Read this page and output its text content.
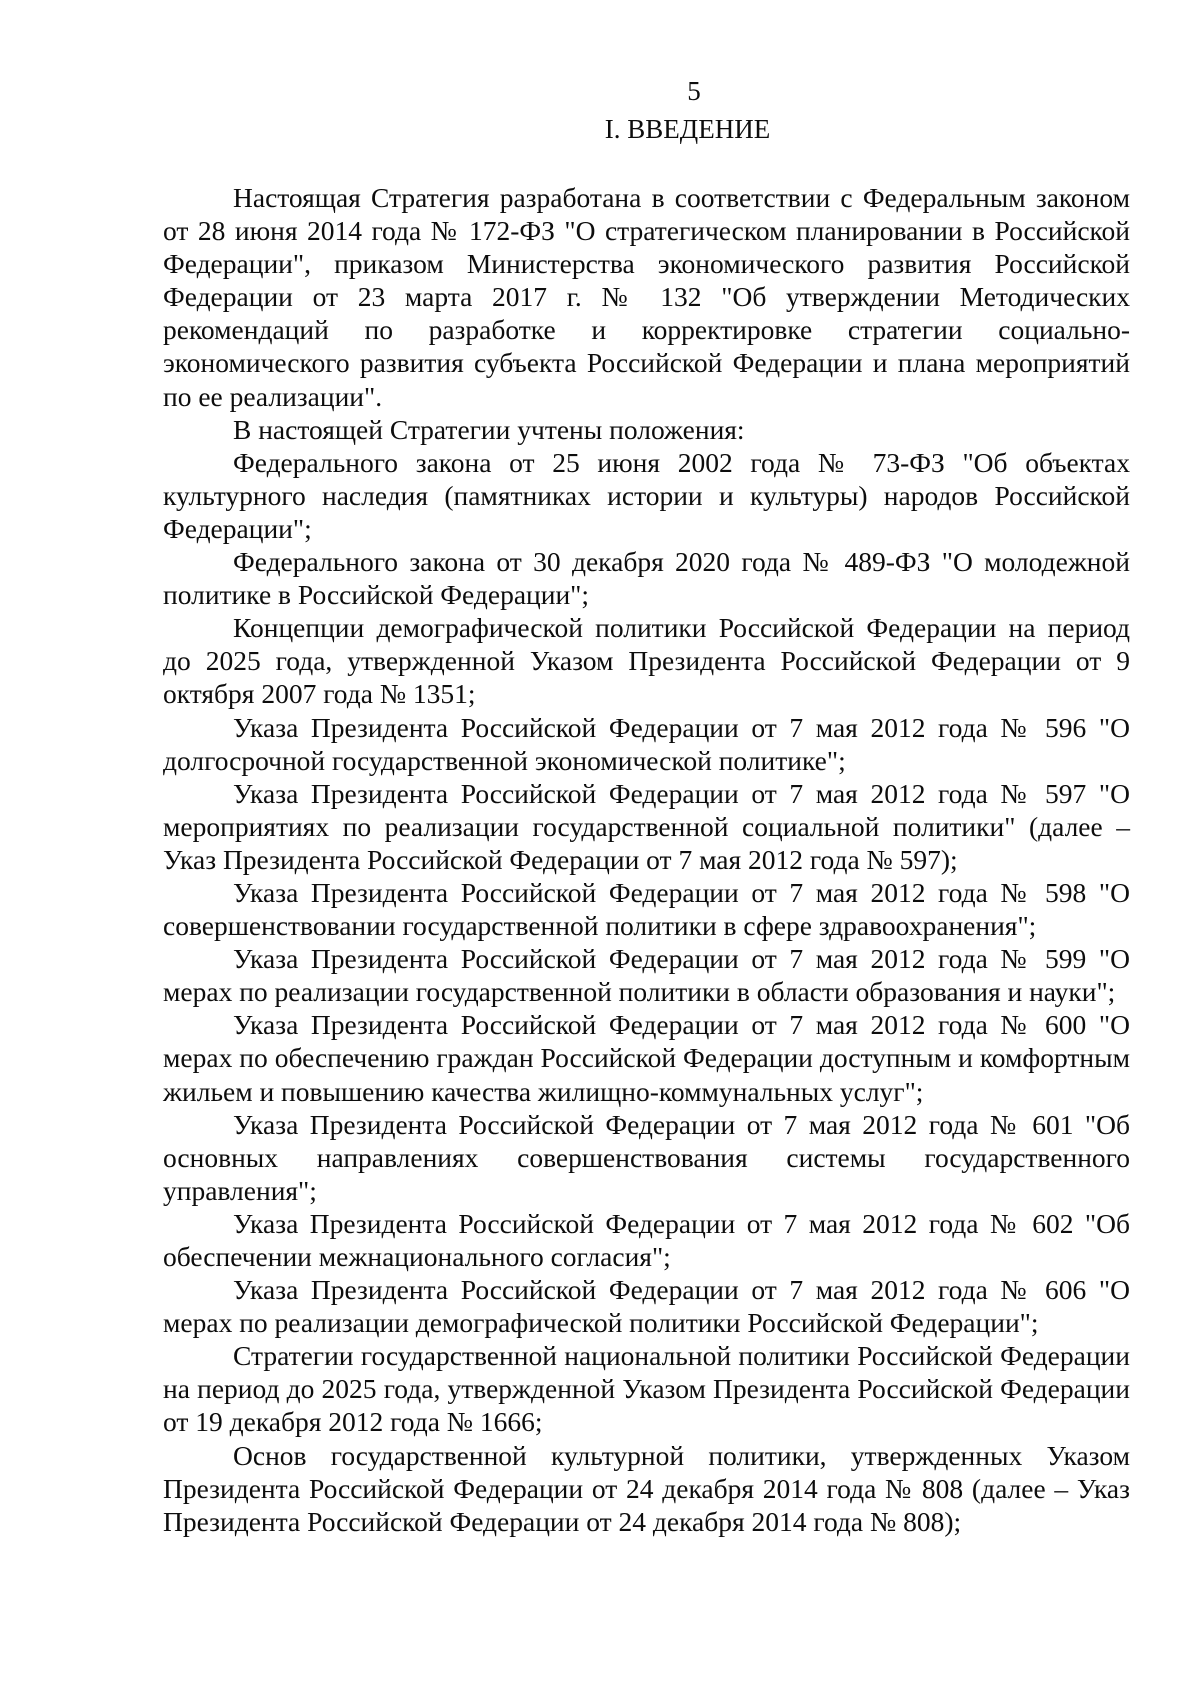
5
I. ВВЕДЕНИЕ

Настоящая Стратегия разработана в соответствии с Федеральным законом от 28 июня 2014 года № 172-ФЗ "О стратегическом планировании в Российской Федерации", приказом Министерства экономического развития Российской Федерации от 23 марта 2017 г. № 132 "Об утверждении Методических рекомендаций по разработке и корректировке стратегии социально-экономического развития субъекта Российской Федерации и плана мероприятий по ее реализации".

В настоящей Стратегии учтены положения:

Федерального закона от 25 июня 2002 года № 73-ФЗ "Об объектах культурного наследия (памятниках истории и культуры) народов Российской Федерации";

Федерального закона от 30 декабря 2020 года № 489-ФЗ "О молодежной политике в Российской Федерации";

Концепции демографической политики Российской Федерации на период до 2025 года, утвержденной Указом Президента Российской Федерации от 9 октября 2007 года № 1351;

Указа Президента Российской Федерации от 7 мая 2012 года № 596 "О долгосрочной государственной экономической политике";

Указа Президента Российской Федерации от 7 мая 2012 года № 597 "О мероприятиях по реализации государственной социальной политики" (далее – Указ Президента Российской Федерации от 7 мая 2012 года № 597);

Указа Президента Российской Федерации от 7 мая 2012 года № 598 "О совершенствовании государственной политики в сфере здравоохранения";

Указа Президента Российской Федерации от 7 мая 2012 года № 599 "О мерах по реализации государственной политики в области образования и науки";

Указа Президента Российской Федерации от 7 мая 2012 года № 600 "О мерах по обеспечению граждан Российской Федерации доступным и комфортным жильем и повышению качества жилищно-коммунальных услуг";

Указа Президента Российской Федерации от 7 мая 2012 года № 601 "Об основных направлениях совершенствования системы государственного управления";

Указа Президента Российской Федерации от 7 мая 2012 года № 602 "Об обеспечении межнационального согласия";

Указа Президента Российской Федерации от 7 мая 2012 года № 606 "О мерах по реализации демографической политики Российской Федерации";

Стратегии государственной национальной политики Российской Федерации на период до 2025 года, утвержденной Указом Президента Российской Федерации от 19 декабря 2012 года № 1666;

Основ государственной культурной политики, утвержденных Указом Президента Российской Федерации от 24 декабря 2014 года № 808 (далее – Указ Президента Российской Федерации от 24 декабря 2014 года № 808);
